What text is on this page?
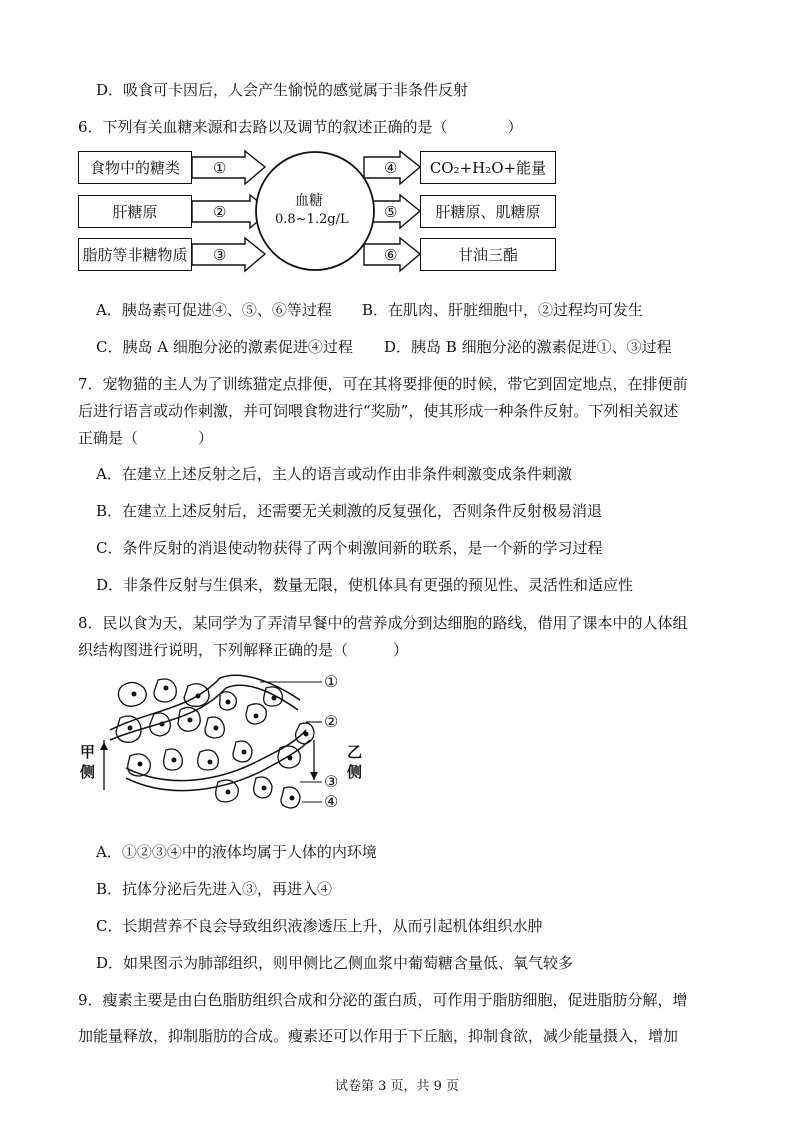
D．吸食可卡因后，人会产生愉悦的感觉属于非条件反射
6．下列有关血糖来源和去路以及调节的叙述正确的是（　　　　）
食物中的糖类
肝糖原
脂肪等非糖物质
①
②
③
血糖
0.8~1.2g/L
④
⑤
⑥
CO₂+H₂O+能量
肝糖原、肌糖原
甘油三酯
A．胰岛素可促进④、⑤、⑥等过程 B．在肌肉、肝脏细胞中，②过程均可发生
C．胰岛 A 细胞分泌的激素促进④过程 D．胰岛 B 细胞分泌的激素促进①、③过程
7．宠物猫的主人为了训练猫定点排便，可在其将要排便的时候，带它到固定地点，在排便前
后进行语言或动作刺激，并可饲喂食物进行“奖励”，使其形成一种条件反射。下列相关叙述
正确是（　　　　）
A．在建立上述反射之后，主人的语言或动作由非条件刺激变成条件刺激
B．在建立上述反射后，还需要无关刺激的反复强化，否则条件反射极易消退
C．条件反射的消退使动物获得了两个刺激间新的联系，是一个新的学习过程
D．非条件反射与生俱来，数量无限，使机体具有更强的预见性、灵活性和适应性
8．民以食为天，某同学为了弄清早餐中的营养成分到达细胞的路线，借用了课本中的人体组
织结构图进行说明，下列解释正确的是（　　　）
①
②
③
④
甲
侧
乙
侧
A．①②③④中的液体均属于人体的内环境
B．抗体分泌后先进入③，再进入④
C．长期营养不良会导致组织液渗透压上升，从而引起机体组织水肿
D．如果图示为肺部组织，则甲侧比乙侧血浆中葡萄糖含量低、氧气较多
9．瘦素主要是由白色脂肪组织合成和分泌的蛋白质，可作用于脂肪细胞，促进脂肪分解，增
加能量释放，抑制脂肪的合成。瘦素还可以作用于下丘脑，抑制食欲，减少能量摄入，增加
试卷第 3 页，共 9 页
